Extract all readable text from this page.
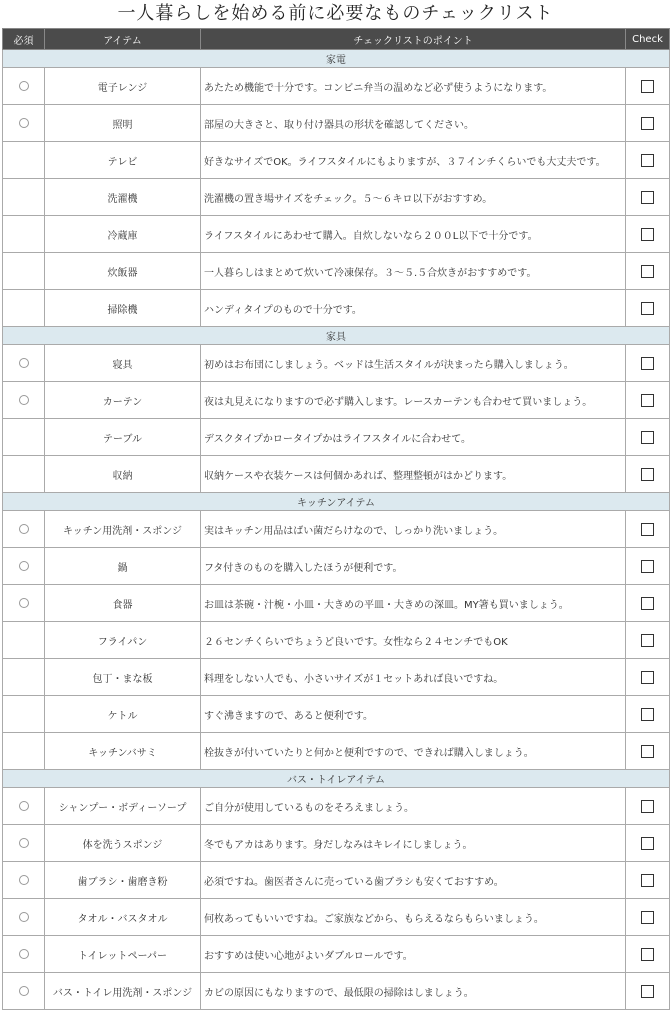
一人暮らしを始める前に必要なものチェックリスト
必須	アイテム	チェックリストのポイント	Check
家電			
	電子レンジ	あたため機能で十分です。コンビニ弁当の温めなど必ず使うようになります。	
	照明	部屋の大きさと、取り付け器具の形状を確認してください。	
	テレビ	好きなサイズでOK。ライフスタイルにもよりますが、３７インチくらいでも大丈夫です。	
	洗濯機	洗濯機の置き場サイズをチェック。５〜６キロ以下がおすすめ。	
	冷蔵庫	ライフスタイルにあわせて購入。自炊しないなら２００L以下で十分です。	
	炊飯器	一人暮らしはまとめて炊いて冷凍保存。３〜５.５合炊きがおすすめです。	
	掃除機	ハンディタイプのもので十分です。	
家具			
	寝具	初めはお布団にしましょう。ベッドは生活スタイルが決まったら購入しましょう。	
	カーテン	夜は丸見えになりますので必ず購入します。レースカーテンも合わせて買いましょう。	
	テーブル	デスクタイプかロータイプかはライフスタイルに合わせて。	
	収納	収納ケースや衣装ケースは何個かあれば、整理整頓がはかどります。	
キッチンアイテム			
	キッチン用洗剤・スポンジ	実はキッチン用品はばい菌だらけなので、しっかり洗いましょう。	
	鍋	フタ付きのものを購入したほうが便利です。	
	食器	お皿は茶碗・汁椀・小皿・大きめの平皿・大きめの深皿。MY箸も買いましょう。	
	フライパン	２６センチくらいでちょうど良いです。女性なら２４センチでもOK	
	包丁・まな板	料理をしない人でも、小さいサイズが１セットあれば良いですね。	
	ケトル	すぐ沸きますので、あると便利です。	
	キッチンバサミ	栓抜きが付いていたりと何かと便利ですので、できれば購入しましょう。	
バス・トイレアイテム			
	シャンプー・ボディーソープ	ご自分が使用しているものをそろえましょう。	
	体を洗うスポンジ	冬でもアカはあります。身だしなみはキレイにしましょう。	
	歯ブラシ・歯磨き粉	必須ですね。歯医者さんに売っている歯ブラシも安くておすすめ。	
	タオル・バスタオル	何枚あってもいいですね。ご家族などから、もらえるならもらいましょう。	
	トイレットペーパー	おすすめは使い心地がよいダブルロールです。	
	バス・トイレ用洗剤・スポンジ	カビの原因にもなりますので、最低限の掃除はしましょう。	
